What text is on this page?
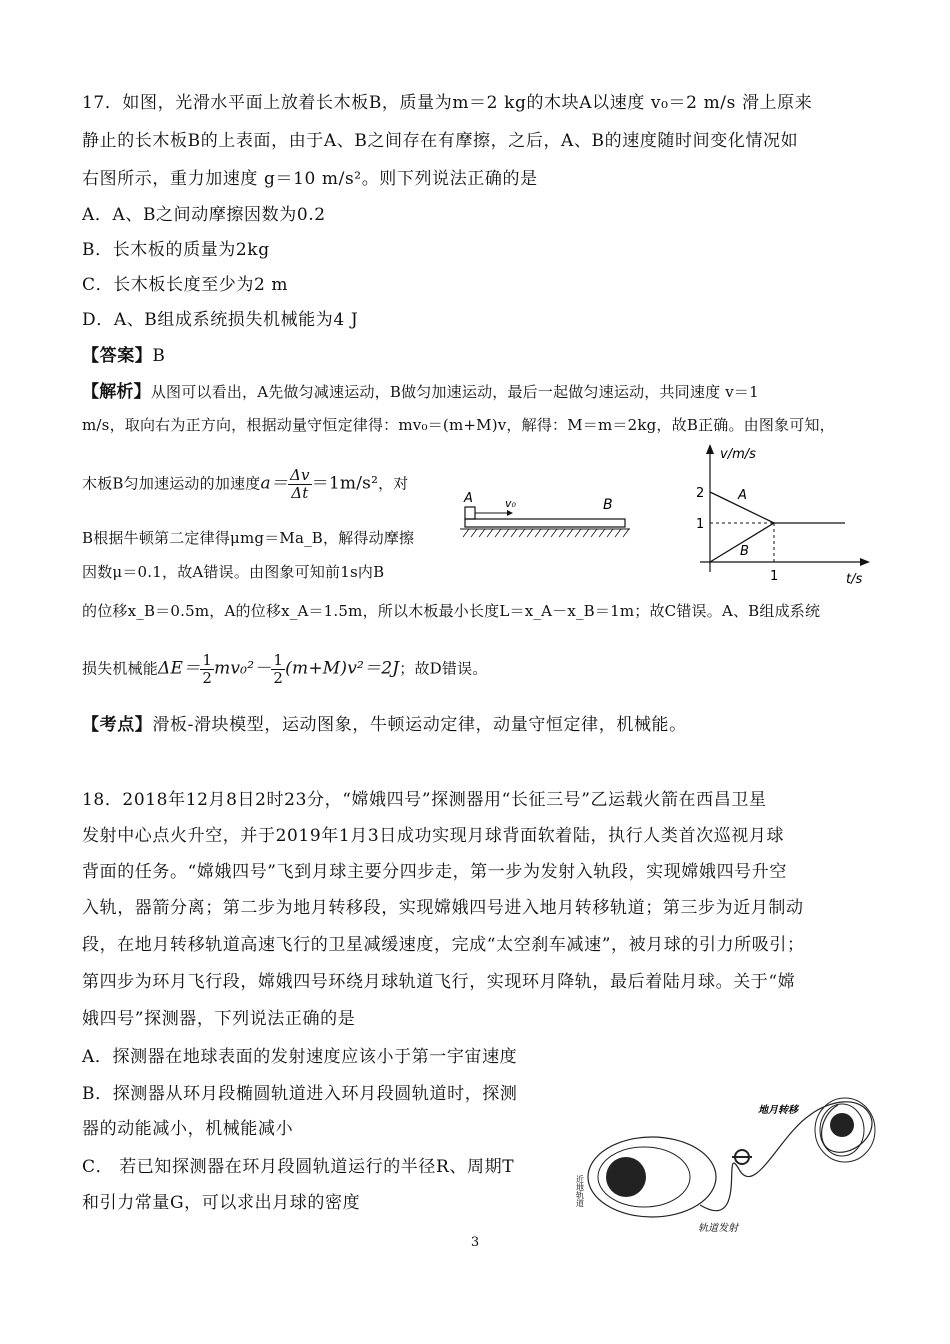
17．如图，光滑水平面上放着长木板B，质量为m＝2 kg的木块A以速度 v₀＝2 m/s 滑上原来
静止的长木板B的上表面，由于A、B之间存在有摩擦，之后，A、B的速度随时间变化情况如
右图所示，重力加速度 g＝10 m/s²。则下列说法正确的是
A．A、B之间动摩擦因数为0.2
B．长木板的质量为2kg
C．长木板长度至少为2 m
D．A、B组成系统损失机械能为4 J
【答案】B
【解析】从图可以看出，A先做匀减速运动，B做匀加速运动，最后一起做匀速运动，共同速度 v＝1
m/s，取向右为正方向，根据动量守恒定律得：mv₀＝(m+M)v，解得：M＝m＝2kg，故B正确。由图象可知，
木板B匀加速运动的加速度$a= \frac{\Delta v}{\Delta t} =1m/s^2$，对
B根据牛顿第二定律得μmg＝Ma_B，解得动摩擦
因数μ＝0.1，故A错误。由图象可知前1s内B
的位移x_B＝0.5m，A的位移x_A＝1.5m，所以木板最小长度L＝x_A－x_B＝1m；故C错误。A、B组成系统
损失机械能$\Delta E= \frac{1}{2} mv_0^2- \frac{1}{2} (m+M)v^2=2J$；故D错误。
【考点】滑板-滑块模型，运动图象，牛顿运动定律，动量守恒定律，机械能。
A	v₀	B
v/m/s
t/s
2
1
1
A
B
18．2018年12月8日2时23分，“嫦娥四号”探测器用“长征三号”乙运载火箭在西昌卫星
发射中心点火升空，并于2019年1月3日成功实现月球背面软着陆，执行人类首次巡视月球
背面的任务。“嫦娥四号”飞到月球主要分四步走，第一步为发射入轨段，实现嫦娥四号升空
入轨，器箭分离；第二步为地月转移段，实现嫦娥四号进入地月转移轨道；第三步为近月制动
段，在地月转移轨道高速飞行的卫星减缓速度，完成“太空刹车减速”，被月球的引力所吸引；
第四步为环月飞行段，嫦娥四号环绕月球轨道飞行，实现环月降轨，最后着陆月球。关于“嫦
娥四号”探测器，下列说法正确的是
A．探测器在地球表面的发射速度应该小于第一宇宙速度
B．探测器从环月段椭圆轨道进入环月段圆轨道时，探测
器的动能减小，机械能减小
C． 若已知探测器在环月段圆轨道运行的半径R、周期T
和引力常量G，可以求出月球的密度
地月转移
轨道发射
近地轨道
3
